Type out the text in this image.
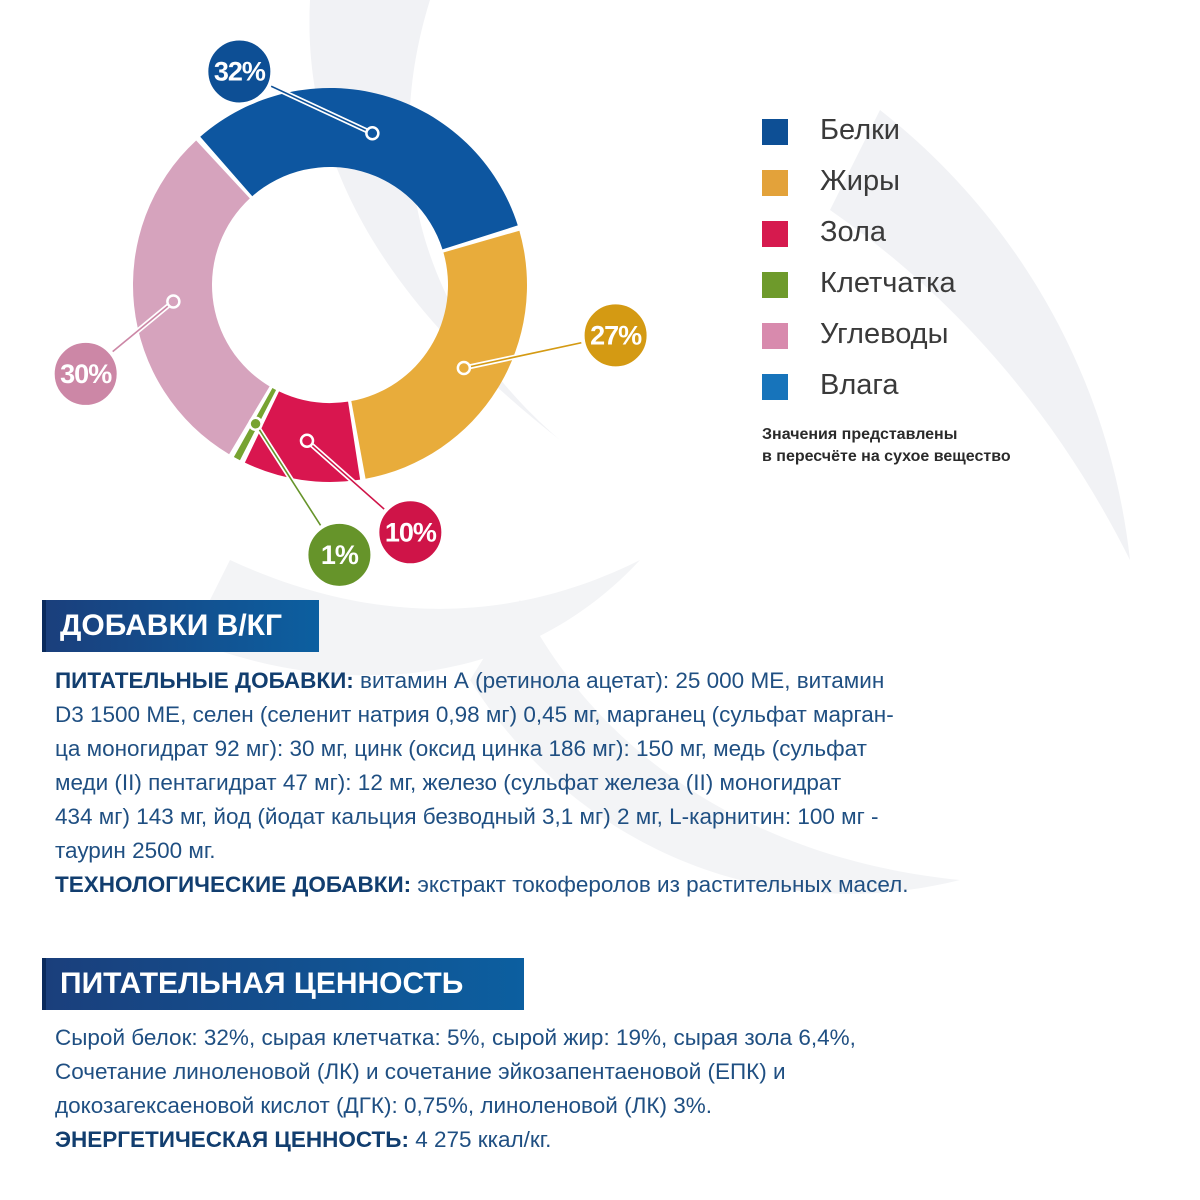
32%
27%
10%
1%
30%
Белки
Жиры
Зола
Клетчатка
Углеводы
Влага
Значения представлены
в пересчёте на сухое вещество
ДОБАВКИ В/КГ
ПИТАТЕЛЬНЫЕ ДОБАВКИ: витамин А (ретинола ацетат): 25 000 МЕ, витамин
D3 1500 МЕ, селен (селенит натрия 0,98 мг) 0,45 мг, марганец (сульфат марган-
ца моногидрат 92 мг): 30 мг, цинк (оксид цинка 186 мг): 150 мг, медь (сульфат
меди (II) пентагидрат 47 мг): 12 мг, железо (сульфат железа (II) моногидрат
434 мг) 143 мг, йод (йодат кальция безводный 3,1 мг) 2 мг, L-карнитин: 100 мг -
таурин 2500 мг.
ТЕХНОЛОГИЧЕСКИЕ ДОБАВКИ: экстракт токоферолов из растительных масел.
ПИТАТЕЛЬНАЯ ЦЕННОСТЬ
Сырой белок: 32%, сырая клетчатка: 5%, сырой жир: 19%, сырая зола 6,4%,
Сочетание линоленовой (ЛК) и сочетание эйкозапентаеновой (ЕПК) и
докозагексаеновой кислот (ДГК): 0,75%, линоленовой (ЛК) 3%.
ЭНЕРГЕТИЧЕСКАЯ ЦЕННОСТЬ: 4 275 ккал/кг.
